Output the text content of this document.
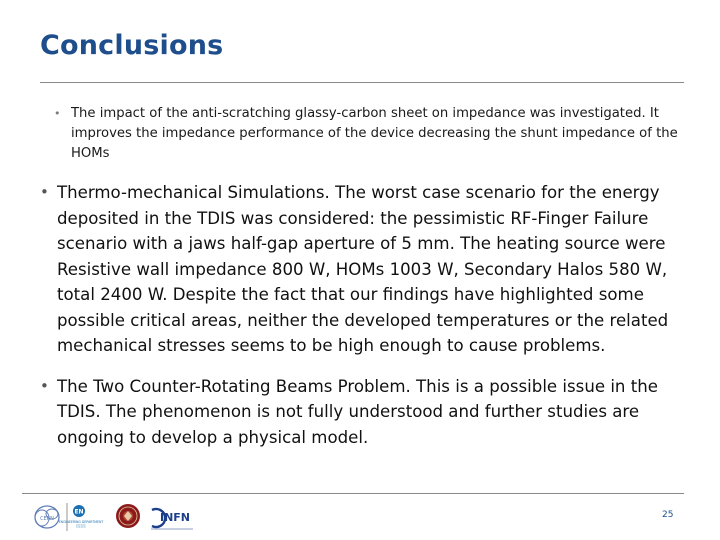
Conclusions
• The impact of the anti-scratching glassy-carbon sheet on impedance was investigated. It improves the impedance performance of the device decreasing the shunt impedance of the HOMs
• Thermo-mechanical Simulations. The worst case scenario for the energy deposited in the TDIS was considered: the pessimistic RF-Finger Failure scenario with a jaws half-gap aperture of 5 mm. The heating source were Resistive wall impedance 800 W, HOMs 1003 W, Secondary Halos 580 W, total 2400 W. Despite the fact that our findings have highlighted some possible critical areas, neither the developed temperatures or the related mechanical stresses seems to be high enough to cause problems.
• The Two Counter-Rotating Beams Problem. This is a possible issue in the TDIS. The phenomenon is not fully understood and further studies are ongoing to develop a physical model.
CERN
EN
ENGINEERING DEPARTMENT
░░░░
INFN	25
